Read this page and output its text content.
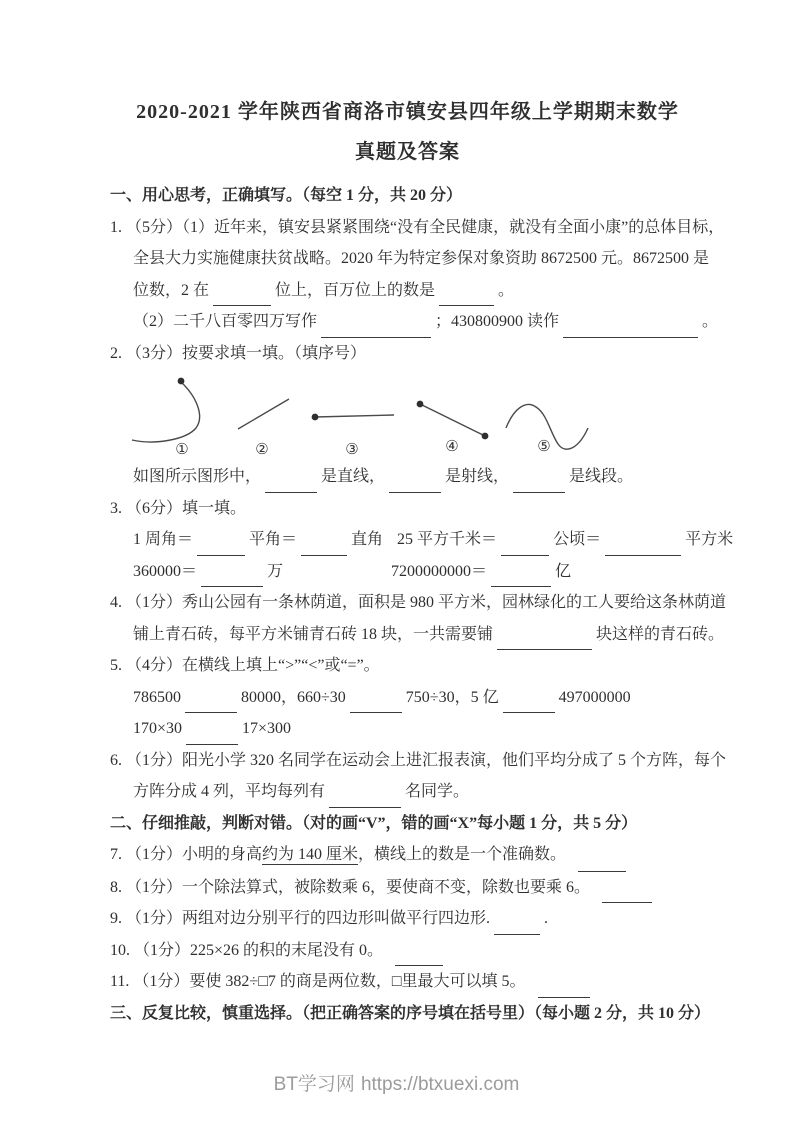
2020-2021 学年陕西省商洛市镇安县四年级上学期期末数学
真题及答案
一、用心思考，正确填写。（每空 1 分，共 20 分）
1. （5分）（1）近年来，镇安县紧紧围绕“没有全民健康，就没有全面小康”的总体目标，
全县大力实施健康扶贫战略。2020 年为特定参保对象资助 8672500 元。8672500 是
位数，2 在	位上，百万位上的数是	。
（2）二千八百零四万写作	；430800900 读作	。
2. （3分）按要求填一填。（填序号）
①	②	③	④	⑤
如图所示图形中，	是直线，	是射线，	是线段。
3. （6分）填一填。
1 周角＝	平角＝	直角 25 平方千米＝	公顷＝	平方米
360000＝	万	7200000000＝	亿
4. （1分）秀山公园有一条林荫道，面积是 980 平方米，园林绿化的工人要给这条林荫道
铺上青石砖，每平方米铺青石砖 18 块，一共需要铺	块这样的青石砖。
5. （4分）在横线上填上“>”“<”或“=”。
786500	80000，660÷30	750÷30，5 亿	497000000
170×30	17×300
6. （1分）阳光小学 320 名同学在运动会上进汇报表演，他们平均分成了 5 个方阵，每个
方阵分成 4 列，平均每列有	名同学。
二、仔细推敲，判断对错。（对的画“V”，错的画“X”每小题 1 分，共 5 分）
7. （1分）小明的身高约为 140 厘米，横线上的数是一个准确数。
8. （1分）一个除法算式，被除数乘 6，要使商不变，除数也要乘 6。
9. （1分）两组对边分别平行的四边形叫做平行四边形.	.
10. （1分）225×26 的积的末尾没有 0。
11. （1分）要使 382÷□7 的商是两位数，□里最大可以填 5。
三、反复比较，慎重选择。（把正确答案的序号填在括号里）（每小题 2 分，共 10 分）
BT学习网 https://btxuexi.com
